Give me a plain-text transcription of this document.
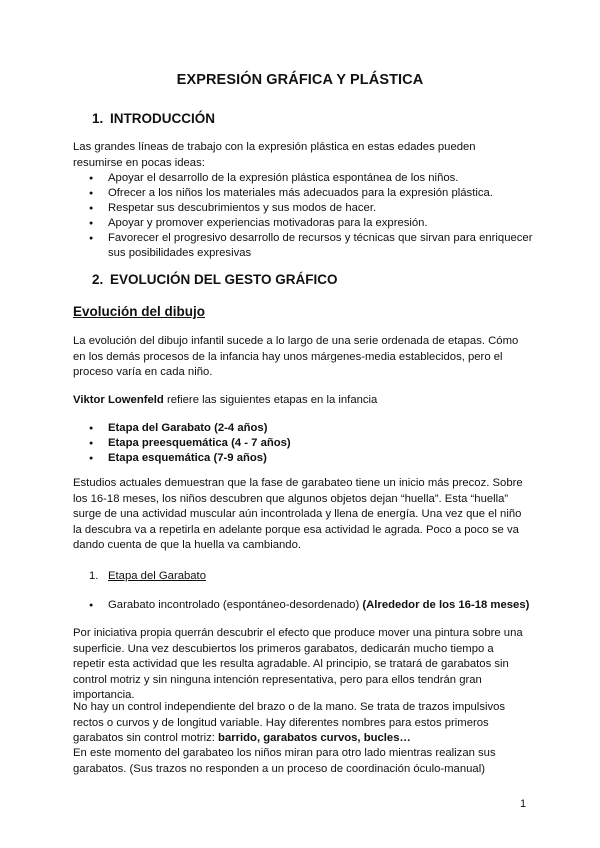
EXPRESIÓN GRÁFICA Y PLÁSTICA
1. INTRODUCCIÓN
Las grandes líneas de trabajo con la expresión plástica en estas edades pueden resumirse en pocas ideas:
● Apoyar el desarrollo de la expresión plástica espontánea de los niños.
● Ofrecer a los niños los materiales más adecuados para la expresión plástica.
● Respetar sus descubrimientos y sus modos de hacer.
● Apoyar y promover experiencias motivadoras para la expresión.
● Favorecer el progresivo desarrollo de recursos y técnicas que sirvan para enriquecer sus posibilidades expresivas
2. EVOLUCIÓN DEL GESTO GRÁFICO
Evolución del dibujo
La evolución del dibujo infantil sucede a lo largo de una serie ordenada de etapas. Cómo en los demás procesos de la infancia hay unos márgenes-media establecidos, pero el proceso varía en cada niño.
Viktor Lowenfeld refiere las siguientes etapas en la infancia
● Etapa del Garabato (2-4 años)
● Etapa preesquemática (4 - 7 años)
● Etapa esquemática (7-9 años)
Estudios actuales demuestran que la fase de garabateo tiene un inicio más precoz. Sobre los 16-18 meses, los niños descubren que algunos objetos dejan “huella”. Esta “huella” surge de una actividad muscular aún incontrolada y llena de energía. Una vez que el niño la descubra va a repetirla en adelante porque esa actividad le agrada. Poco a poco se va dando cuenta de que la huella va cambiando.
1. Etapa del Garabato
● Garabato incontrolado (espontáneo-desordenado) (Alrededor de los 16-18 meses)
Por iniciativa propia querrán descubrir el efecto que produce mover una pintura sobre una superficie. Una vez descubiertos los primeros garabatos, dedicarán mucho tiempo a repetir esta actividad que les resulta agradable. Al principio, se tratará de garabatos sin control motriz y sin ninguna intención representativa, pero para ellos tendrán gran importancia.
No hay un control independiente del brazo o de la mano. Se trata de trazos impulsivos rectos o curvos y de longitud variable. Hay diferentes nombres para estos primeros garabatos sin control motriz: barrido, garabatos curvos, bucles…
En este momento del garabateo los niños miran para otro lado mientras realizan sus garabatos. (Sus trazos no responden a un proceso de coordinación óculo-manual)
1
